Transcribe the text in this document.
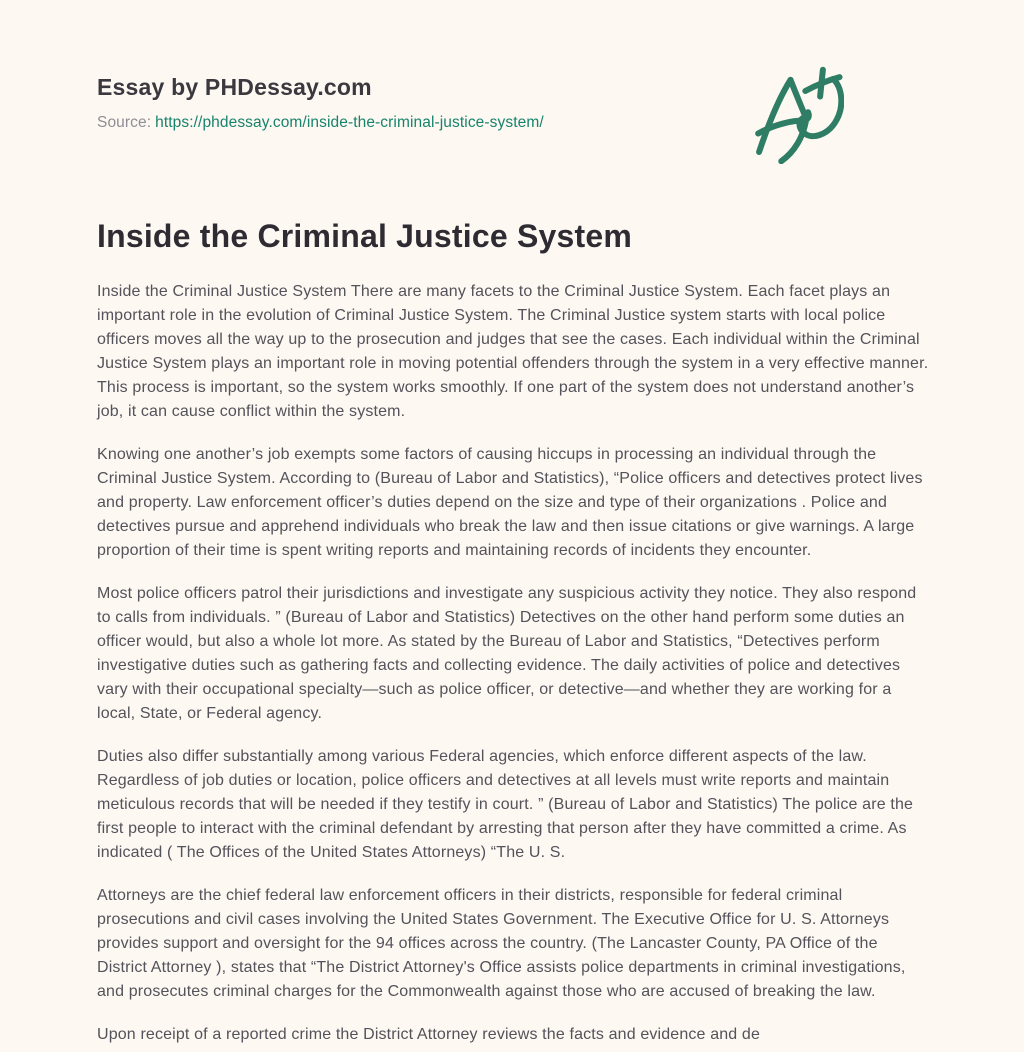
Essay by PHDessay.com
Source: https://phdessay.com/inside-the-criminal-justice-system/
Inside the Criminal Justice System

Inside the Criminal Justice System There are many facets to the Criminal Justice System. Each facet plays an important role in the evolution of Criminal Justice System. The Criminal Justice system starts with local police officers moves all the way up to the prosecution and judges that see the cases. Each individual within the Criminal Justice System plays an important role in moving potential offenders through the system in a very effective manner. This process is important, so the system works smoothly. If one part of the system does not understand another’s job, it can cause conflict within the system.

Knowing one another’s job exempts some factors of causing hiccups in processing an individual through the Criminal Justice System. According to (Bureau of Labor and Statistics), “Police officers and detectives protect lives and property. Law enforcement officer’s duties depend on the size and type of their organizations . Police and detectives pursue and apprehend individuals who break the law and then issue citations or give warnings. A large proportion of their time is spent writing reports and maintaining records of incidents they encounter.

Most police officers patrol their jurisdictions and investigate any suspicious activity they notice. They also respond to calls from individuals. ” (Bureau of Labor and Statistics) Detectives on the other hand perform some duties an officer would, but also a whole lot more. As stated by the Bureau of Labor and Statistics, “Detectives perform investigative duties such as gathering facts and collecting evidence. The daily activities of police and detectives vary with their occupational specialty—such as police officer, or detective—and whether they are working for a local, State, or Federal agency.

Duties also differ substantially among various Federal agencies, which enforce different aspects of the law. Regardless of job duties or location, police officers and detectives at all levels must write reports and maintain meticulous records that will be needed if they testify in court. ” (Bureau of Labor and Statistics) The police are the first people to interact with the criminal defendant by arresting that person after they have committed a crime. As indicated ( The Offices of the United States Attorneys) “The U. S.

Attorneys are the chief federal law enforcement officers in their districts, responsible for federal criminal prosecutions and civil cases involving the United States Government. The Executive Office for U. S. Attorneys provides support and oversight for the 94 offices across the country. (The Lancaster County, PA Office of the District Attorney ), states that “The District Attorney's Office assists police departments in criminal investigations, and prosecutes criminal charges for the Commonwealth against those who are accused of breaking the law.

Upon receipt of a reported crime the District Attorney reviews the facts and evidence and de
